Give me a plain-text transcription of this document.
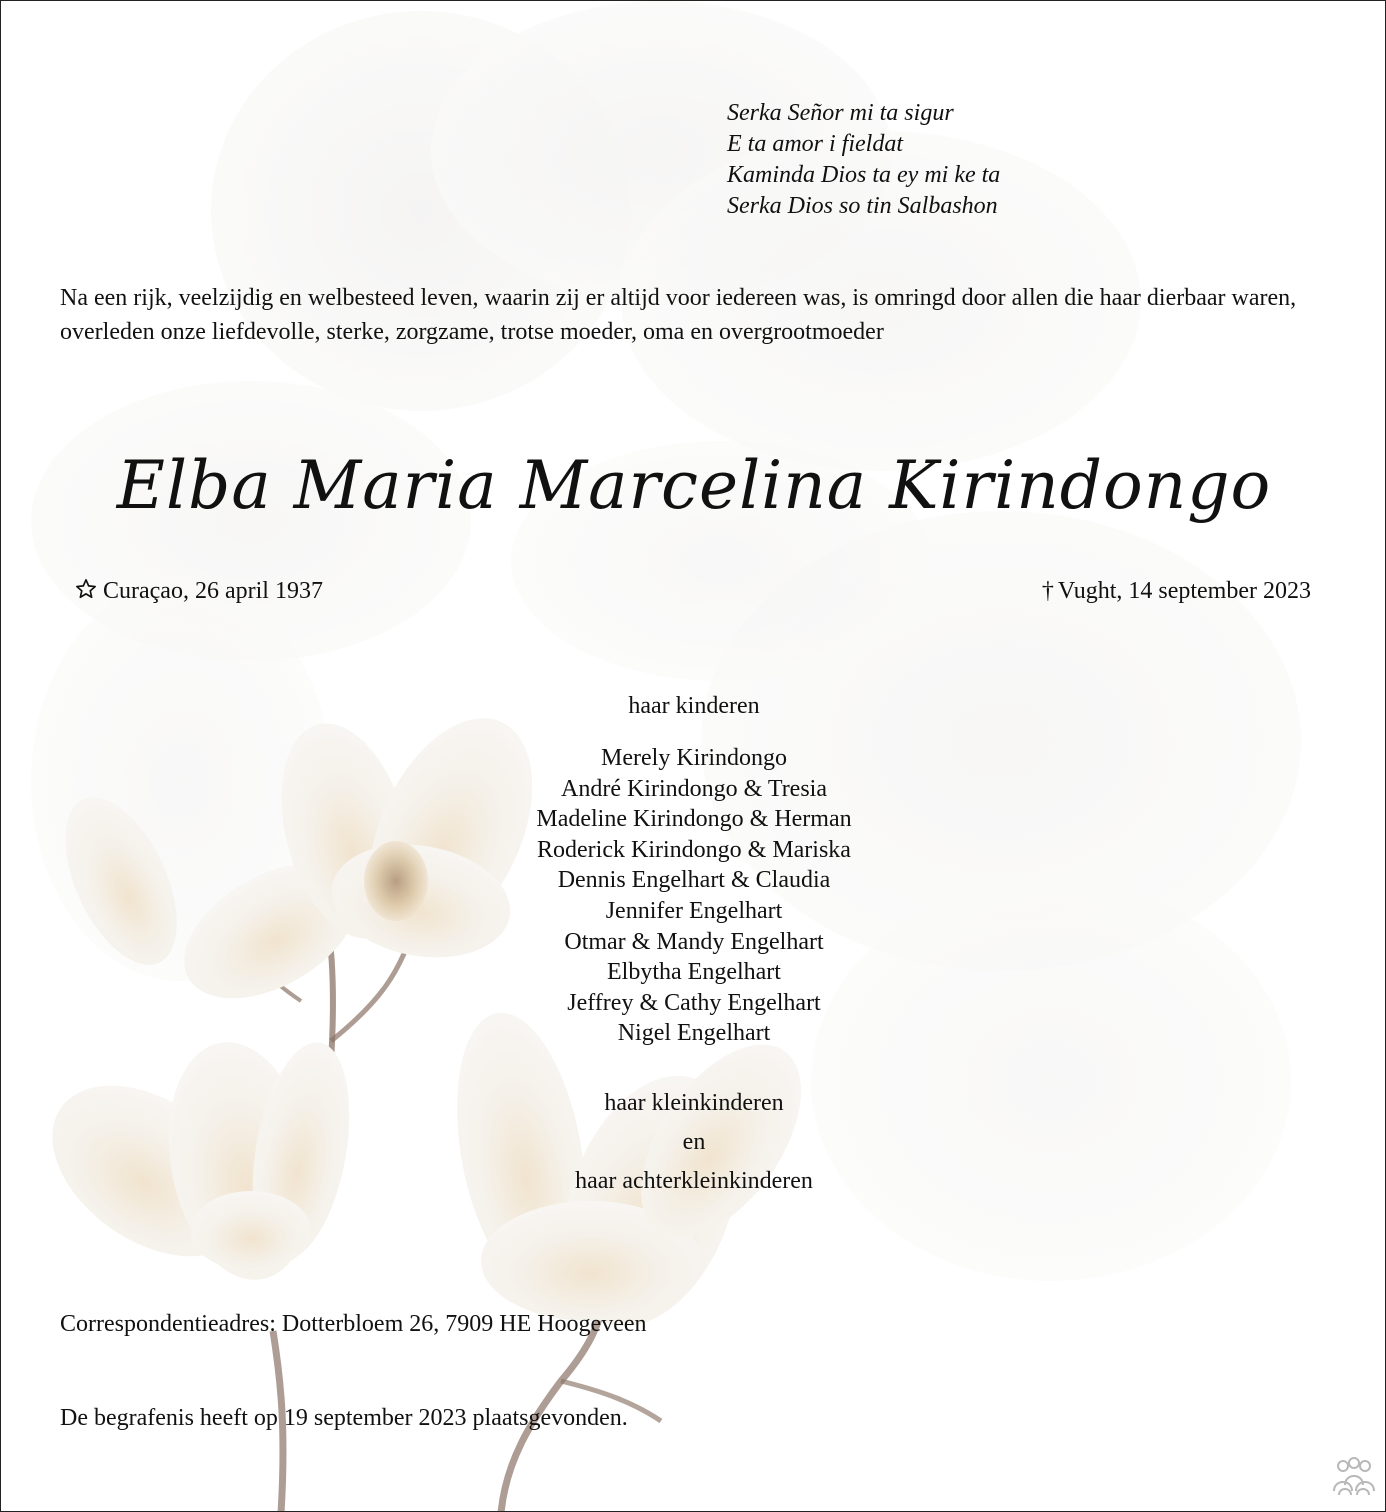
Serka Señor mi ta sigur
E ta amor i fieldat
Kaminda Dios ta ey mi ke ta
Serka Dios so tin Salbashon
Na een rijk, veelzijdig en welbesteed leven, waarin zij er altijd voor iedereen was, is omringd door allen die haar dierbaar waren, overleden onze liefdevolle, sterke, zorgzame, trotse moeder, oma en overgrootmoeder
Elba Maria Marcelina Kirindongo
Curaçao, 26 april 1937	† Vught, 14 september 2023
haar kinderen
Merely Kirindongo
André Kirindongo & Tresia
Madeline Kirindongo & Herman
Roderick Kirindongo & Mariska
Dennis Engelhart & Claudia
Jennifer Engelhart
Otmar & Mandy Engelhart
Elbytha Engelhart
Jeffrey & Cathy Engelhart
Nigel Engelhart
haar kleinkinderen
en
haar achterkleinkinderen
Correspondentieadres: Dotterbloem 26, 7909 HE Hoogeveen
De begrafenis heeft op 19 september 2023 plaatsgevonden.
